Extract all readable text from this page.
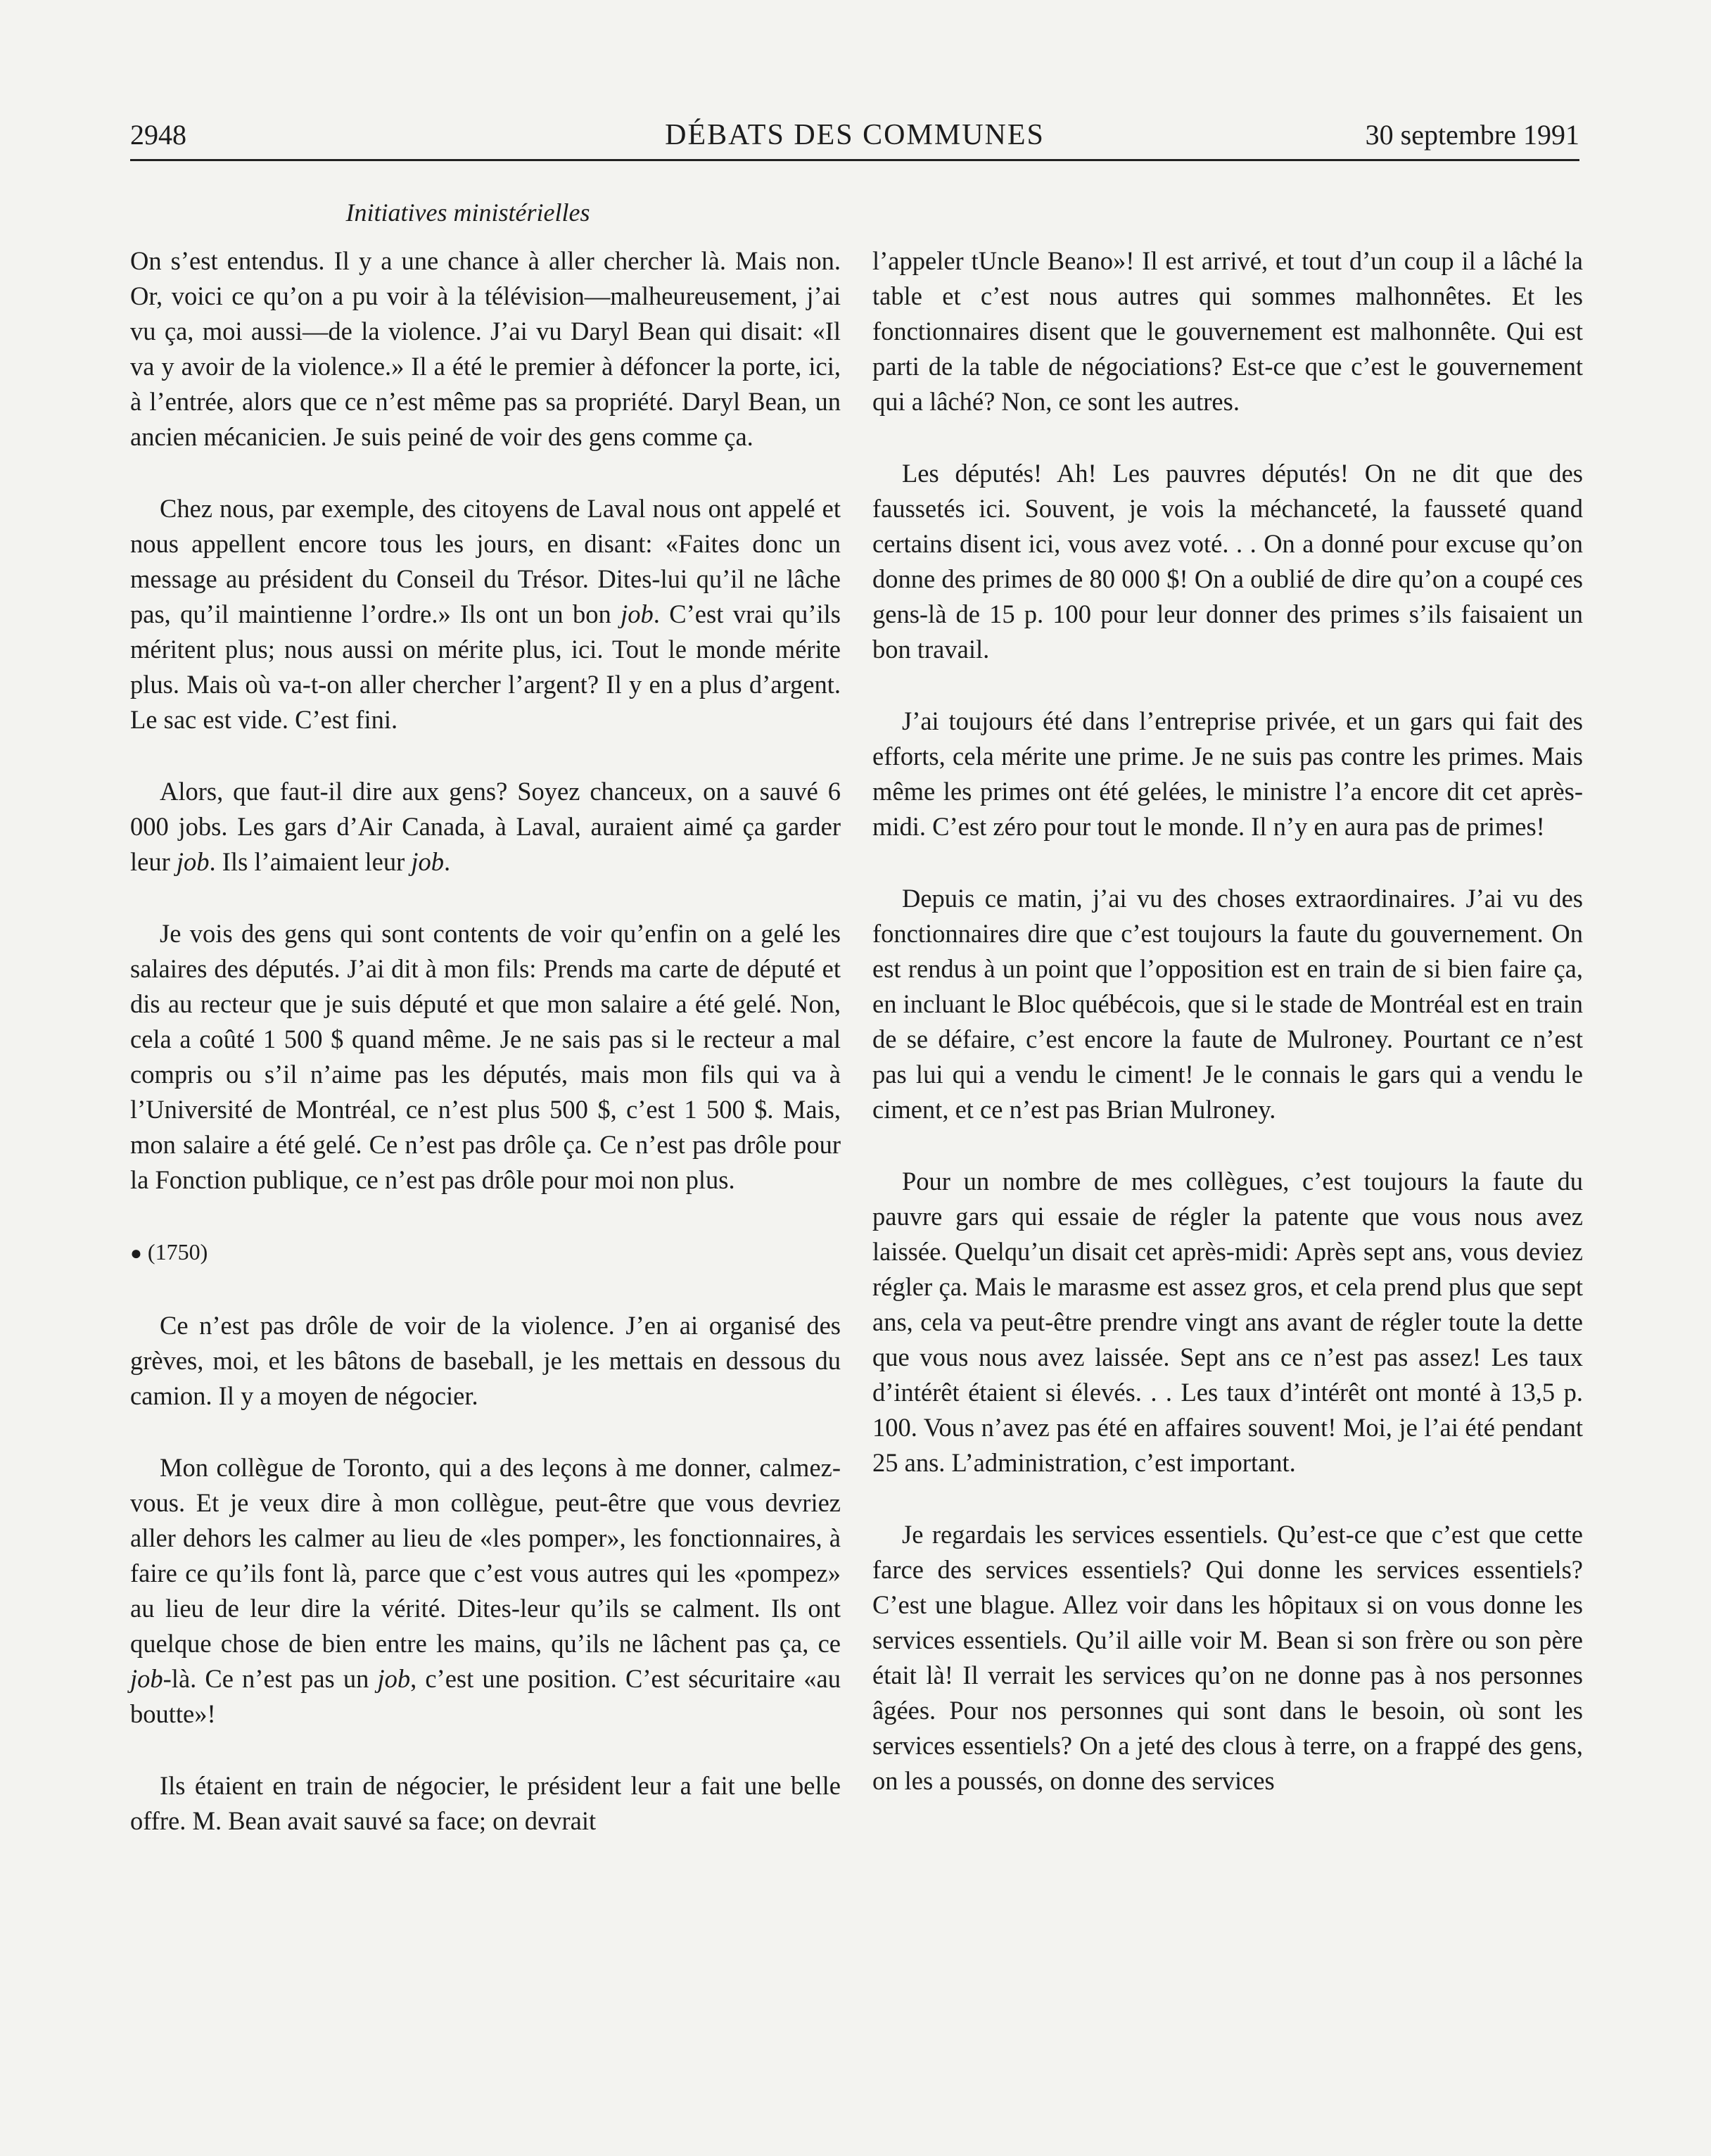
2948	DÉBATS DES COMMUNES	30 septembre 1991
Initiatives ministérielles

On s’est entendus. Il y a une chance à aller chercher là. Mais non. Or, voici ce qu’on a pu voir à la télévision—malheureusement, j’ai vu ça, moi aussi—de la violence. J’ai vu Daryl Bean qui disait: «Il va y avoir de la violence.» Il a été le premier à défoncer la porte, ici, à l’entrée, alors que ce n’est même pas sa propriété. Daryl Bean, un ancien mécanicien. Je suis peiné de voir des gens comme ça.

Chez nous, par exemple, des citoyens de Laval nous ont appelé et nous appellent encore tous les jours, en disant: «Faites donc un message au président du Conseil du Trésor. Dites-lui qu’il ne lâche pas, qu’il maintienne l’ordre.» Ils ont un bon job. C’est vrai qu’ils méritent plus; nous aussi on mérite plus, ici. Tout le monde mérite plus. Mais où va-t-on aller chercher l’argent? Il y en a plus d’argent. Le sac est vide. C’est fini.

Alors, que faut-il dire aux gens? Soyez chanceux, on a sauvé 6 000 jobs. Les gars d’Air Canada, à Laval, auraient aimé ça garder leur job. Ils l’aimaient leur job.

Je vois des gens qui sont contents de voir qu’enfin on a gelé les salaires des députés. J’ai dit à mon fils: Prends ma carte de député et dis au recteur que je suis député et que mon salaire a été gelé. Non, cela a coûté 1 500 $ quand même. Je ne sais pas si le recteur a mal compris ou s’il n’aime pas les députés, mais mon fils qui va à l’Université de Montréal, ce n’est plus 500 $, c’est 1 500 $. Mais, mon salaire a été gelé. Ce n’est pas drôle ça. Ce n’est pas drôle pour la Fonction publique, ce n’est pas drôle pour moi non plus.

● (1750)

Ce n’est pas drôle de voir de la violence. J’en ai organisé des grèves, moi, et les bâtons de baseball, je les mettais en dessous du camion. Il y a moyen de négocier.

Mon collègue de Toronto, qui a des leçons à me donner, calmez-vous. Et je veux dire à mon collègue, peut-être que vous devriez aller dehors les calmer au lieu de «les pomper», les fonctionnaires, à faire ce qu’ils font là, parce que c’est vous autres qui les «pompez» au lieu de leur dire la vérité. Dites-leur qu’ils se calment. Ils ont quelque chose de bien entre les mains, qu’ils ne lâchent pas ça, ce job-là. Ce n’est pas un job, c’est une position. C’est sécuritaire «au boutte»!

Ils étaient en train de négocier, le président leur a fait une belle offre. M. Bean avait sauvé sa face; on devrait

l’appeler tUncle Beano»! Il est arrivé, et tout d’un coup il a lâché la table et c’est nous autres qui sommes malhonnêtes. Et les fonctionnaires disent que le gouvernement est malhonnête. Qui est parti de la table de négociations? Est-ce que c’est le gouvernement qui a lâché? Non, ce sont les autres.

Les députés! Ah! Les pauvres députés! On ne dit que des faussetés ici. Souvent, je vois la méchanceté, la fausseté quand certains disent ici, vous avez voté. . . On a donné pour excuse qu’on donne des primes de 80 000 $! On a oublié de dire qu’on a coupé ces gens-là de 15 p. 100 pour leur donner des primes s’ils faisaient un bon travail.

J’ai toujours été dans l’entreprise privée, et un gars qui fait des efforts, cela mérite une prime. Je ne suis pas contre les primes. Mais même les primes ont été gelées, le ministre l’a encore dit cet après-midi. C’est zéro pour tout le monde. Il n’y en aura pas de primes!

Depuis ce matin, j’ai vu des choses extraordinaires. J’ai vu des fonctionnaires dire que c’est toujours la faute du gouvernement. On est rendus à un point que l’opposition est en train de si bien faire ça, en incluant le Bloc québécois, que si le stade de Montréal est en train de se défaire, c’est encore la faute de Mulroney. Pourtant ce n’est pas lui qui a vendu le ciment! Je le connais le gars qui a vendu le ciment, et ce n’est pas Brian Mulroney.

Pour un nombre de mes collègues, c’est toujours la faute du pauvre gars qui essaie de régler la patente que vous nous avez laissée. Quelqu’un disait cet après-midi: Après sept ans, vous deviez régler ça. Mais le marasme est assez gros, et cela prend plus que sept ans, cela va peut-être prendre vingt ans avant de régler toute la dette que vous nous avez laissée. Sept ans ce n’est pas assez! Les taux d’intérêt étaient si élevés. . . Les taux d’intérêt ont monté à 13,5 p. 100. Vous n’avez pas été en affaires souvent! Moi, je l’ai été pendant 25 ans. L’administration, c’est important.

Je regardais les services essentiels. Qu’est-ce que c’est que cette farce des services essentiels? Qui donne les services essentiels? C’est une blague. Allez voir dans les hôpitaux si on vous donne les services essentiels. Qu’il aille voir M. Bean si son frère ou son père était là! Il verrait les services qu’on ne donne pas à nos personnes âgées. Pour nos personnes qui sont dans le besoin, où sont les services essentiels? On a jeté des clous à terre, on a frappé des gens, on les a poussés, on donne des services
